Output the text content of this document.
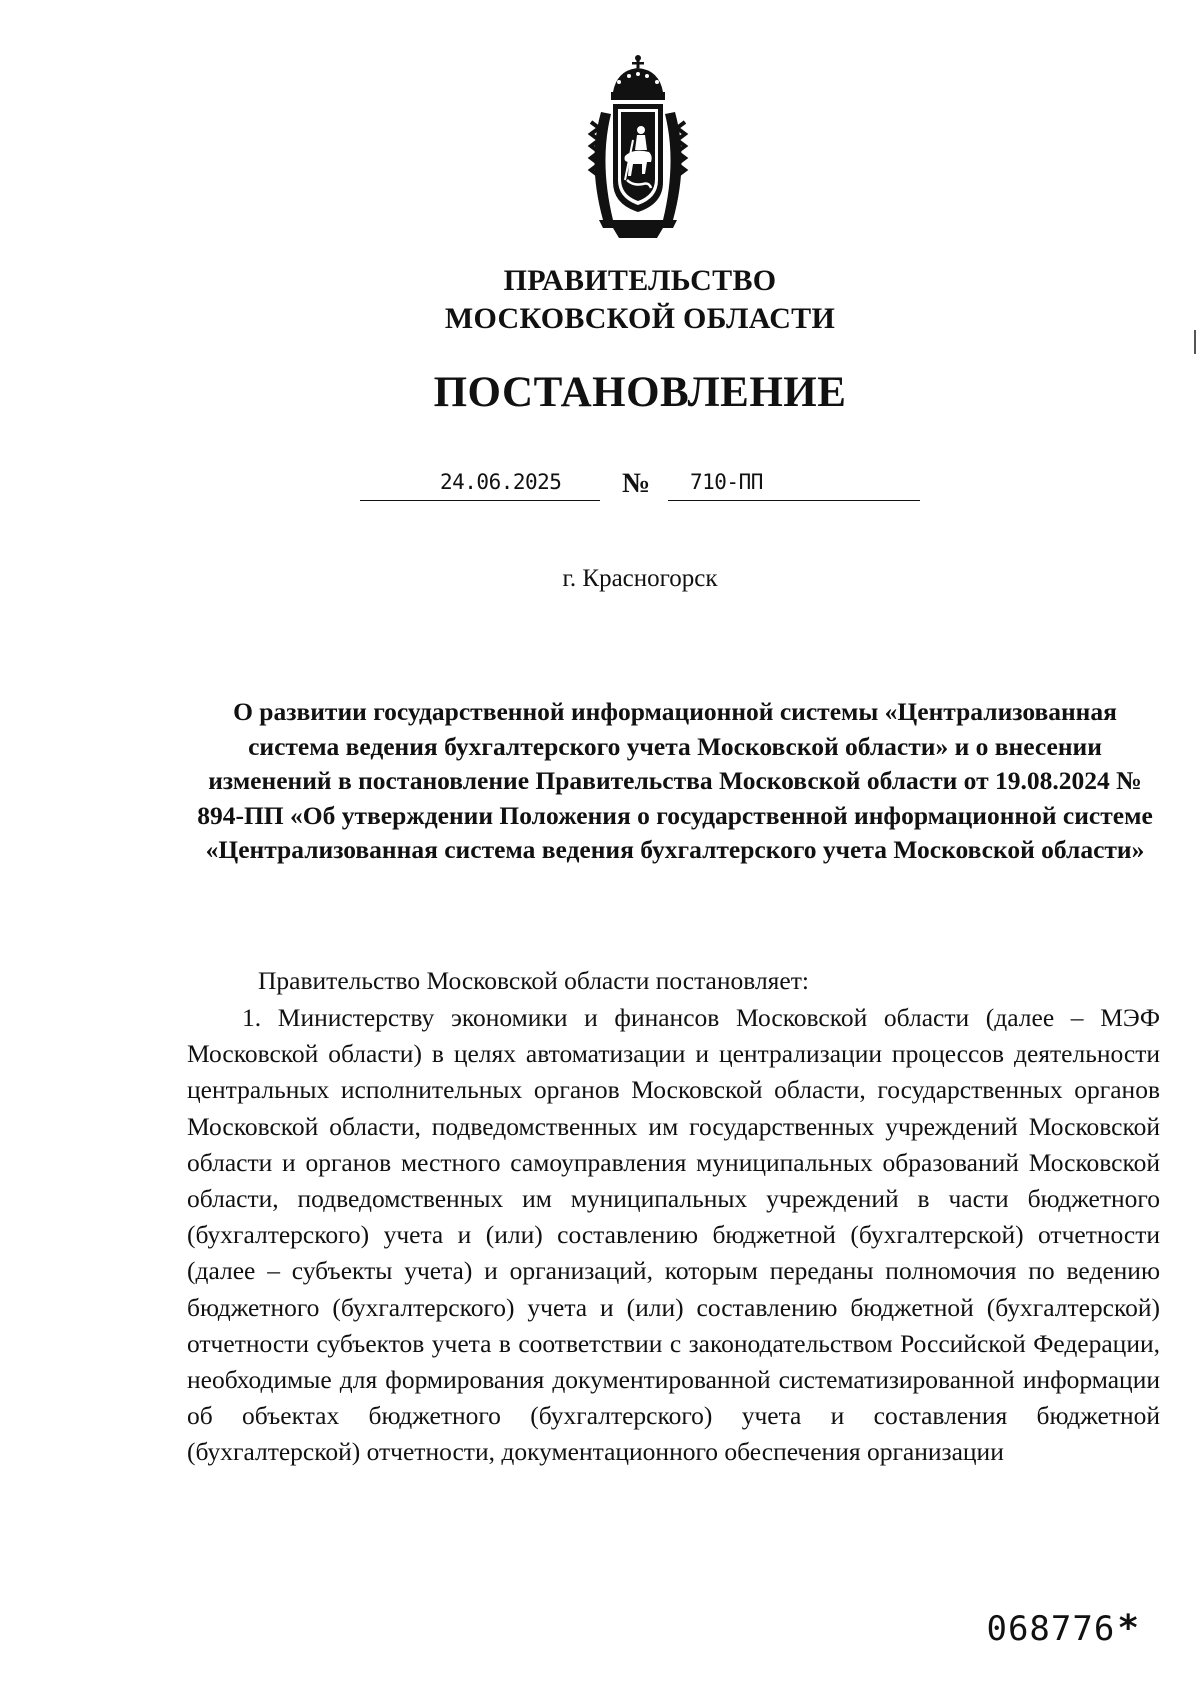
ПРАВИТЕЛЬСТВО
МОСКОВСКОЙ ОБЛАСТИ
ПОСТАНОВЛЕНИЕ
24.06.2025 № 710-ПП
г. Красногорск
О развитии государственной информационной системы «Централизованная система ведения бухгалтерского учета Московской области» и о внесении изменений в постановление Правительства Московской области от 19.08.2024 № 894-ПП «Об утверждении Положения о государственной информационной системе «Централизованная система ведения бухгалтерского учета Московской области»
Правительство Московской области постановляет:
1. Министерству экономики и финансов Московской области (далее – МЭФ Московской области) в целях автоматизации и централизации процессов деятельности центральных исполнительных органов Московской области, государственных органов Московской области, подведомственных им государственных учреждений Московской области и органов местного самоуправления муниципальных образований Московской области, подведомственных им муниципальных учреждений в части бюджетного (бухгалтерского) учета и (или) составлению бюджетной (бухгалтерской) отчетности (далее – субъекты учета) и организаций, которым переданы полномочия по ведению бюджетного (бухгалтерского) учета и (или) составлению бюджетной (бухгалтерской) отчетности субъектов учета в соответствии с законодательством Российской Федерации, необходимые для формирования документированной систематизированной информации об объектах бюджетного (бухгалтерского) учета и составления бюджетной (бухгалтерской) отчетности, документационного обеспечения организации
068776*
